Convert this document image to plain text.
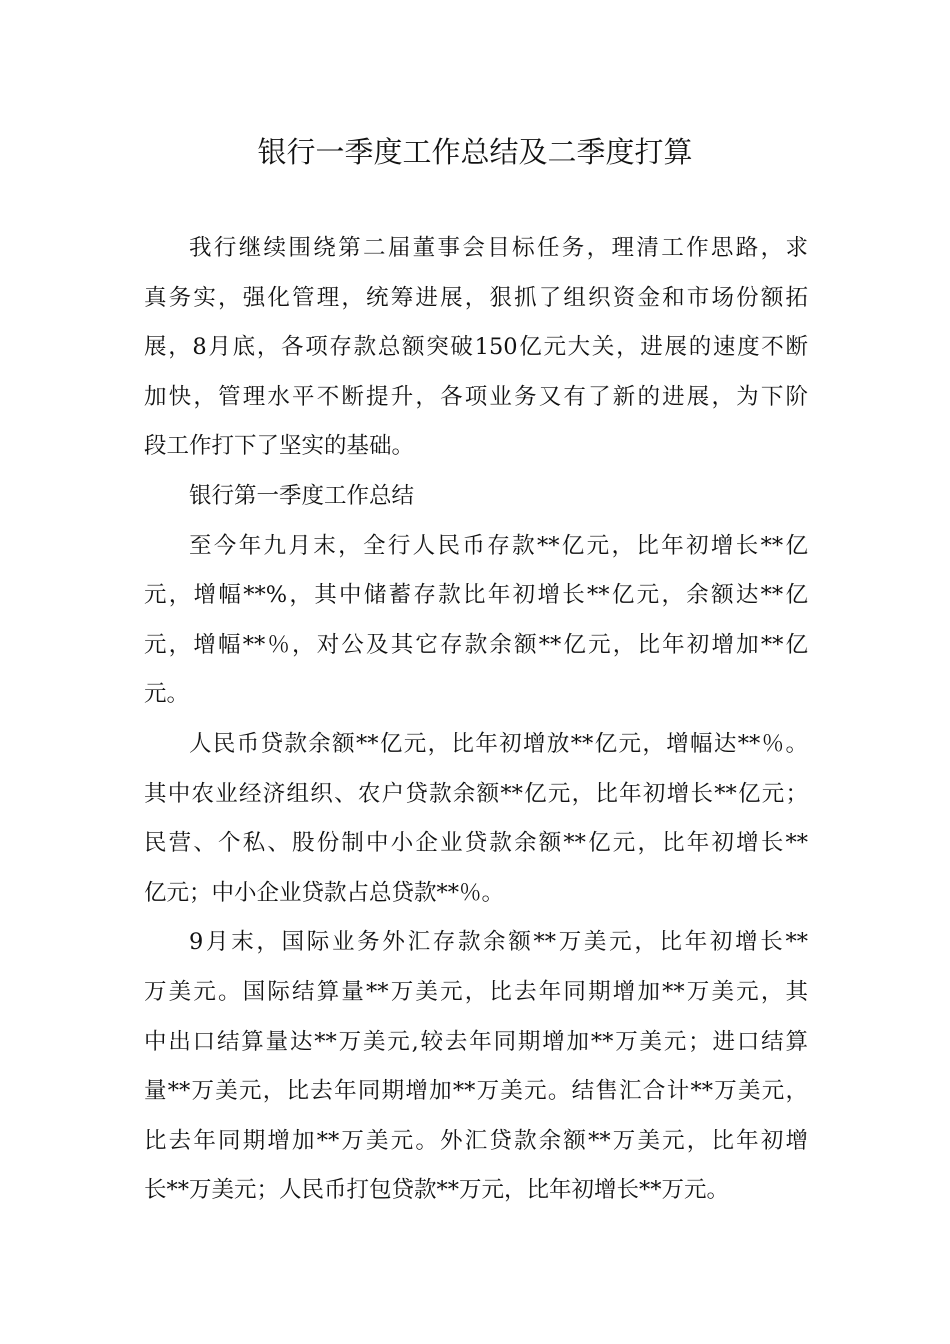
银行一季度工作总结及二季度打算

我行继续围绕第二届董事会目标任务，理清工作思路，求
真务实，强化管理，统筹进展，狠抓了组织资金和市场份额拓
展，8月底，各项存款总额突破150亿元大关，进展的速度不断
加快，管理水平不断提升，各项业务又有了新的进展，为下阶
段工作打下了坚实的基础。

银行第一季度工作总结

至今年九月末，全行人民币存款**亿元，比年初增长**亿
元，增幅**%，其中储蓄存款比年初增长**亿元，余额达**亿
元，增幅**％，对公及其它存款余额**亿元，比年初增加**亿
元。

人民币贷款余额**亿元，比年初增放**亿元，增幅达**％。
其中农业经济组织、农户贷款余额**亿元，比年初增长**亿元；
民营、个私、股份制中小企业贷款余额**亿元，比年初增长**
亿元；中小企业贷款占总贷款**％。

9月末，国际业务外汇存款余额**万美元，比年初增长**
万美元。国际结算量**万美元，比去年同期增加**万美元，其
中出口结算量达**万美元,较去年同期增加**万美元；进口结算
量**万美元，比去年同期增加**万美元。结售汇合计**万美元，
比去年同期增加**万美元。外汇贷款余额**万美元，比年初增
长**万美元；人民币打包贷款**万元，比年初增长**万元。
